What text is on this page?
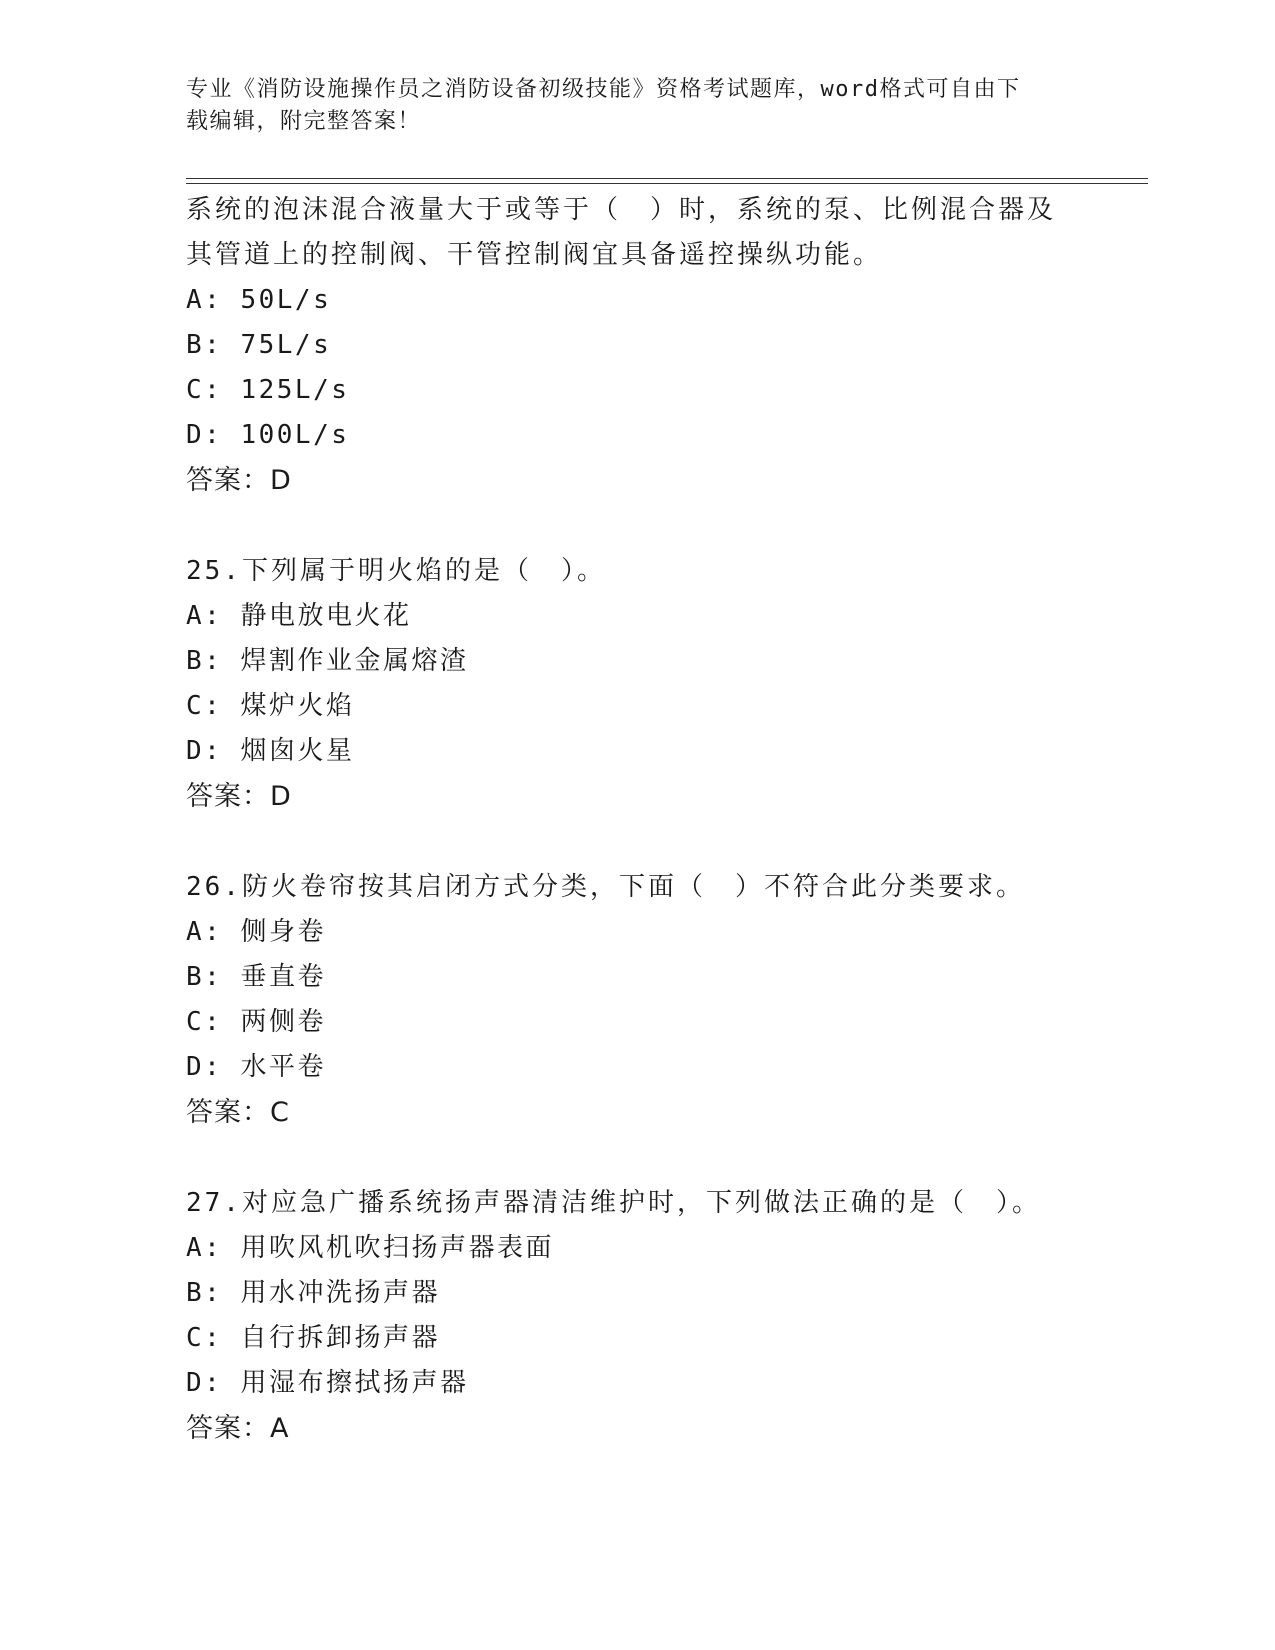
专业《消防设施操作员之消防设备初级技能》资格考试题库，word格式可自由下
载编辑，附完整答案！

系统的泡沫混合液量大于或等于（　）时，系统的泵、比例混合器及

其管道上的控制阀、干管控制阀宜具备遥控操纵功能。

A: 50L/s

B: 75L/s

C: 125L/s

D: 100L/s

答案：D

25.下列属于明火焰的是（　）。

A: 静电放电火花

B: 焊割作业金属熔渣

C: 煤炉火焰

D: 烟囱火星

答案：D

26.防火卷帘按其启闭方式分类，下面（　）不符合此分类要求。

A: 侧身卷

B: 垂直卷

C: 两侧卷

D: 水平卷

答案：C

27.对应急广播系统扬声器清洁维护时，下列做法正确的是（　）。

A: 用吹风机吹扫扬声器表面

B: 用水冲洗扬声器

C: 自行拆卸扬声器

D: 用湿布擦拭扬声器

答案：A
